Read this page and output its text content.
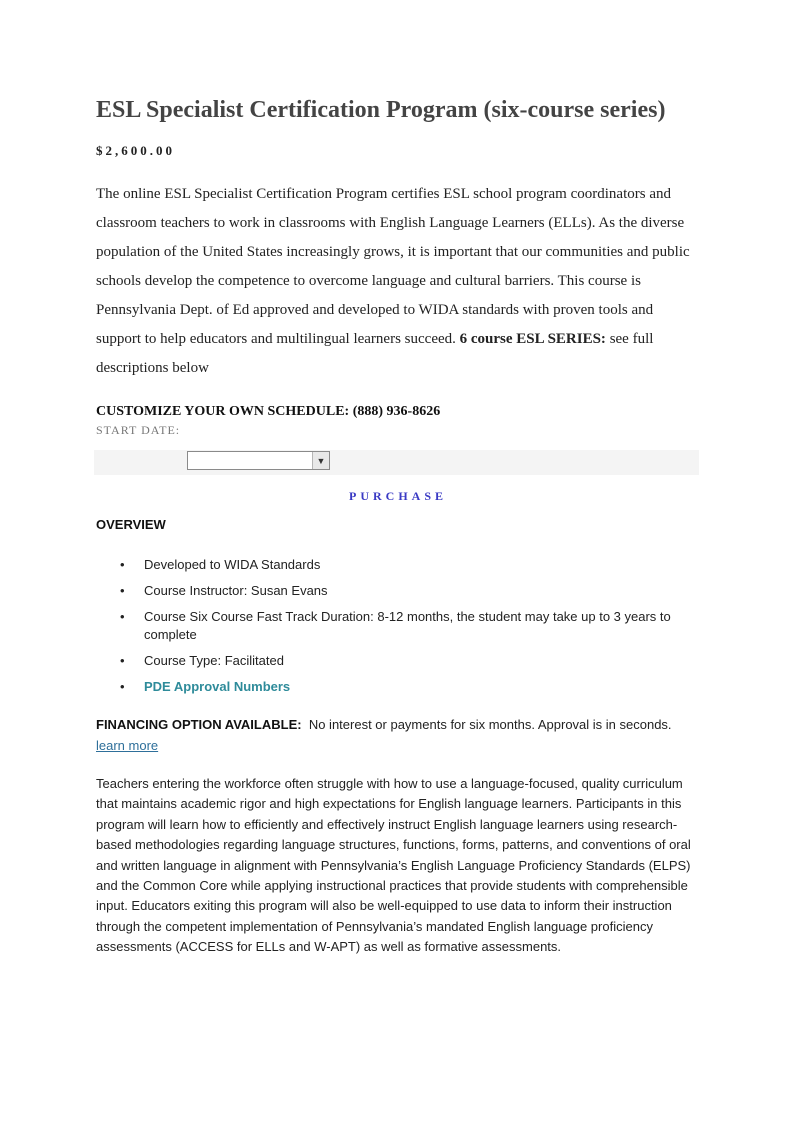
ESL Specialist Certification Program (six-course series)
$2,600.00

The online ESL Specialist Certification Program certifies ESL school program coordinators and classroom teachers to work in classrooms with English Language Learners (ELLs). As the diverse population of the United States increasingly grows, it is important that our communities and public schools develop the competence to overcome language and cultural barriers. This course is Pennsylvania Dept. of Ed approved and developed to WIDA standards with proven tools and support to help educators and multilingual learners succeed. 6 course ESL SERIES: see full descriptions below

CUSTOMIZE YOUR OWN SCHEDULE: (888) 936-8626
START DATE:
▼
PURCHASE
OVERVIEW
• Developed to WIDA Standards
• Course Instructor: Susan Evans
• Course Six Course Fast Track Duration: 8-12 months, the student may take up to 3 years to complete
• Course Type: Facilitated
• PDE Approval Numbers
FINANCING OPTION AVAILABLE: No interest or payments for six months. Approval is in seconds.
learn more

Teachers entering the workforce often struggle with how to use a language-focused, quality curriculum that maintains academic rigor and high expectations for English language learners. Participants in this program will learn how to efficiently and effectively instruct English language learners using research-based methodologies regarding language structures, functions, forms, patterns, and conventions of oral and written language in alignment with Pennsylvania’s English Language Proficiency Standards (ELPS) and the Common Core while applying instructional practices that provide students with comprehensible input. Educators exiting this program will also be well-equipped to use data to inform their instruction through the competent implementation of Pennsylvania’s mandated English language proficiency assessments (ACCESS for ELLs and W-APT) as well as formative assessments.
